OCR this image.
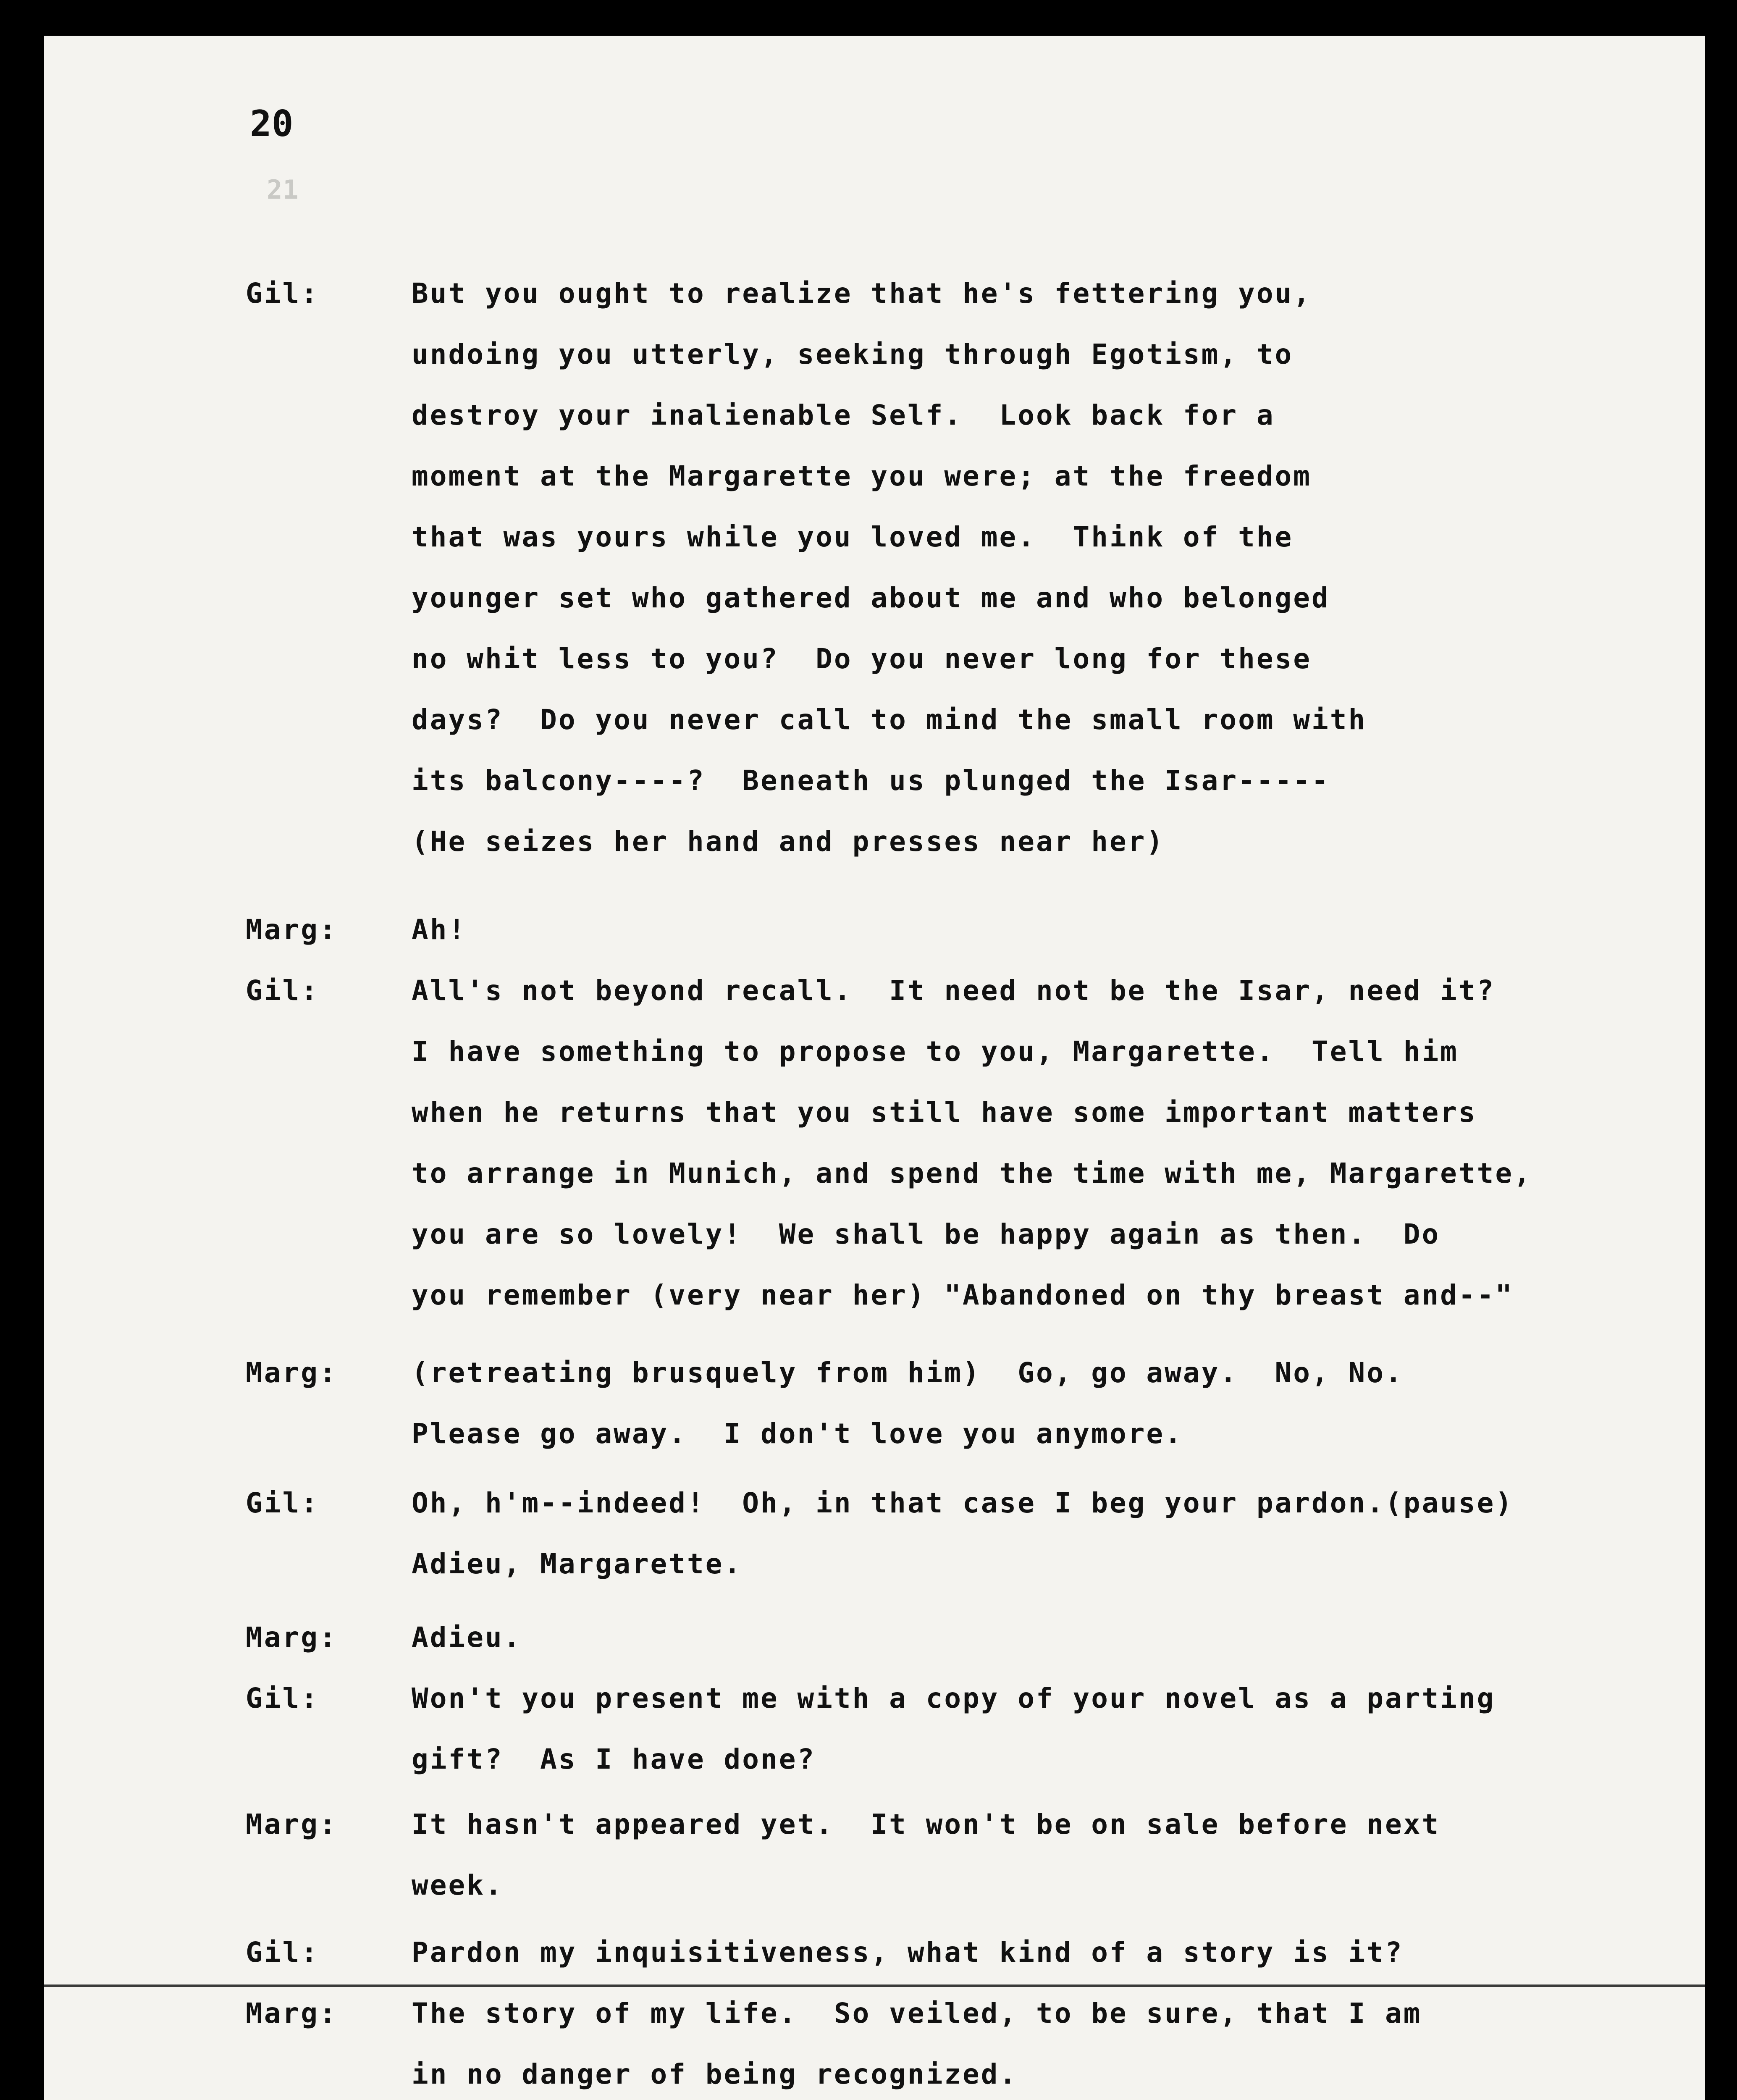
21
20
Gil:	But you ought to realize that he's fettering you,
undoing you utterly, seeking through Egotism, to
destroy your inalienable Self.  Look back for a
moment at the Margarette you were; at the freedom
that was yours while you loved me.  Think of the
younger set who gathered about me and who belonged
no whit less to you?  Do you never long for these
days?  Do you never call to mind the small room with
its balcony----?  Beneath us plunged the Isar-----
(He seizes her hand and presses near her)
Marg:	Ah!
Gil:	All's not beyond recall.  It need not be the Isar, need it?
I have something to propose to you, Margarette.  Tell him
when he returns that you still have some important matters
to arrange in Munich, and spend the time with me, Margarette,
you are so lovely!  We shall be happy again as then.  Do
you remember (very near her) "Abandoned on thy breast and--"
Marg:	(retreating brusquely from him)  Go, go away.  No, No.
Please go away.  I don't love you anymore.
Gil:	Oh, h'm--indeed!  Oh, in that case I beg your pardon.(pause)
Adieu, Margarette.
Marg:	Adieu.
Gil:	Won't you present me with a copy of your novel as a parting
gift?  As I have done?
Marg:	It hasn't appeared yet.  It won't be on sale before next
week.
Gil:	Pardon my inquisitiveness, what kind of a story is it?
Marg:	The story of my life.  So veiled, to be sure, that I am
in no danger of being recognized.
